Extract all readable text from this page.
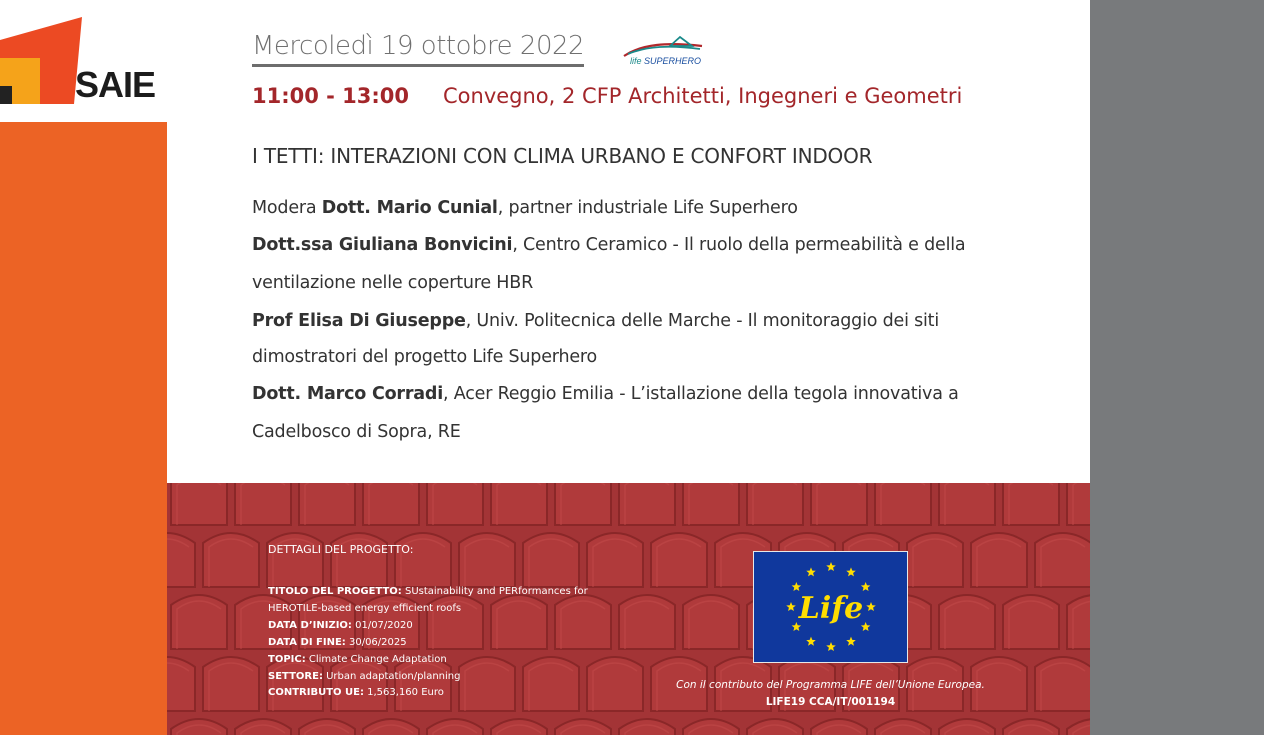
SAIE
Mercoledì 19 ottobre 2022	life SUPERHERO
11:00 - 13:00 Convegno, 2 CFP Architetti, Ingegneri e Geometri
I TETTI: INTERAZIONI CON CLIMA URBANO E CONFORT INDOOR
Modera Dott. Mario Cunial, partner industriale Life Superhero
Dott.ssa Giuliana Bonvicini, Centro Ceramico - Il ruolo della permeabilità e della
ventilazione nelle coperture HBR
Prof Elisa Di Giuseppe, Univ. Politecnica delle Marche - Il monitoraggio dei siti
dimostratori del progetto Life Superhero
Dott. Marco Corradi, Acer Reggio Emilia - L’istallazione della tegola innovativa a
Cadelbosco di Sopra, RE
DETTAGLI DEL PROGETTO:
TITOLO DEL PROGETTO: SUstainability and PERformances for
HEROTILE-based energy efficient roofs
DATA D’INIZIO: 01/07/2020
DATA DI FINE: 30/06/2025
TOPIC: Climate Change Adaptation
SETTORE: Urban adaptation/planning
CONTRIBUTO UE: 1,563,160 Euro
Life
Con il contributo del Programma LIFE dell’Unione Europea.
LIFE19 CCA/IT/001194
